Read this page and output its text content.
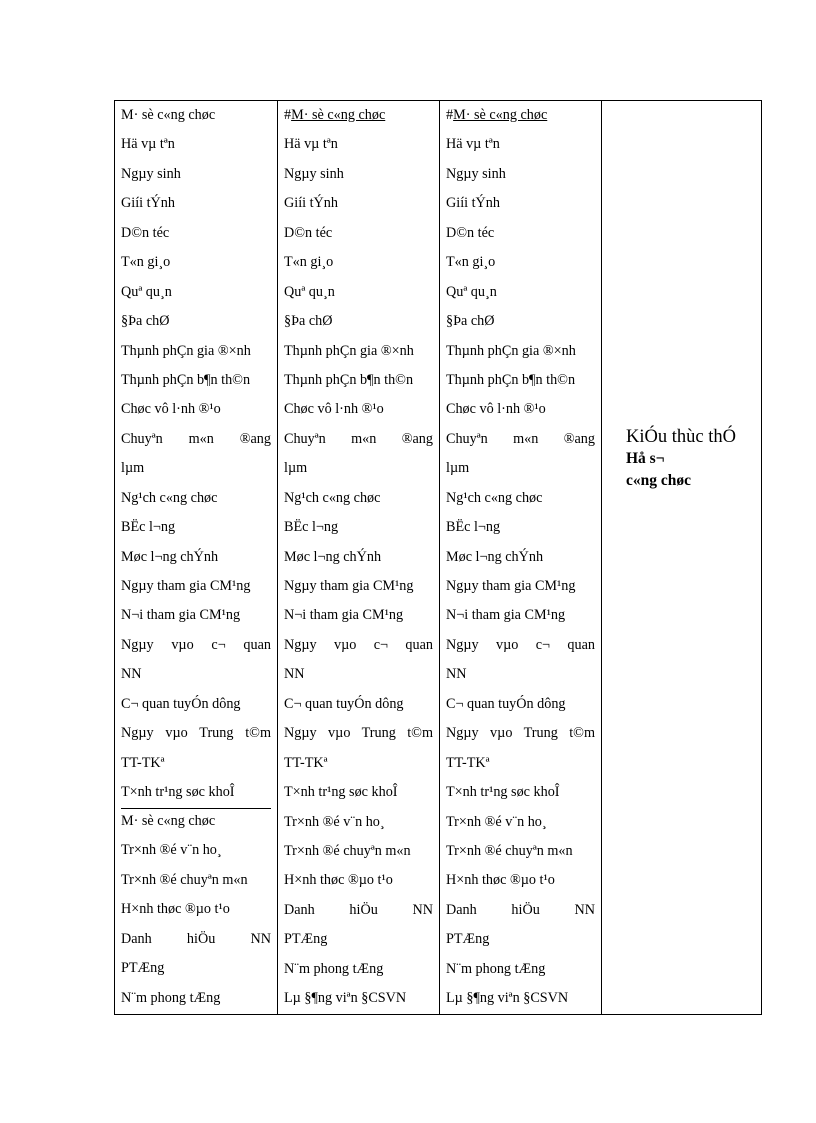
M· sè c«ng chøc
Hä vµ tªn
Ngµy sinh
Giíi tÝnh
D©n téc
T«n gi¸o
Quª qu¸n
§Þa chØ
Thµnh phÇn gia ®×nh
Thµnh phÇn b¶n th©n
Chøc vô l·nh ®¹o
Chuyªn m«n ®ang
lµm
Ng¹ch c«ng chøc
BËc l¬ng
Møc l¬ng chÝnh
Ngµy tham gia CM¹ng
N¬i tham gia CM¹ng
Ngµy vµo c¬ quan
NN
C¬ quan tuyÓn dông
Ngµy vµo Trung t©m
TT-TKª
T×nh tr¹ng søc khoÎ
M· sè c«ng chøc
Tr×nh ®é v¨n ho¸
Tr×nh ®é chuyªn m«n
H×nh thøc ®µo t¹o
Danh hiÖu NN
PTÆng
N¨m phong tÆng
#M· sè c«ng chøc
Hä vµ tªn
Ngµy sinh
Giíi tÝnh
D©n téc
T«n gi¸o
Quª qu¸n
§Þa chØ
Thµnh phÇn gia ®×nh
Thµnh phÇn b¶n th©n
Chøc vô l·nh ®¹o
Chuyªn m«n ®ang
lµm
Ng¹ch c«ng chøc
BËc l¬ng
Møc l¬ng chÝnh
Ngµy tham gia CM¹ng
N¬i tham gia CM¹ng
Ngµy vµo c¬ quan
NN
C¬ quan tuyÓn dông
Ngµy vµo Trung t©m
TT-TKª
T×nh tr¹ng søc khoÎ
Tr×nh ®é v¨n ho¸
Tr×nh ®é chuyªn m«n
H×nh thøc ®µo t¹o
Danh hiÖu NN
PTÆng
N¨m phong tÆng
Lµ §¶ng viªn §CSVN
#M· sè c«ng chøc
Hä vµ tªn
Ngµy sinh
Giíi tÝnh
D©n téc
T«n gi¸o
Quª qu¸n
§Þa chØ
Thµnh phÇn gia ®×nh
Thµnh phÇn b¶n th©n
Chøc vô l·nh ®¹o
Chuyªn m«n ®ang
lµm
Ng¹ch c«ng chøc
BËc l¬ng
Møc l¬ng chÝnh
Ngµy tham gia CM¹ng
N¬i tham gia CM¹ng
Ngµy vµo c¬ quan
NN
C¬ quan tuyÓn dông
Ngµy vµo Trung t©m
TT-TKª
T×nh tr¹ng søc khoÎ
Tr×nh ®é v¨n ho¸
Tr×nh ®é chuyªn m«n
H×nh thøc ®µo t¹o
Danh hiÖu NN
PTÆng
N¨m phong tÆng
Lµ §¶ng viªn §CSVN
KiÓu thùc thÓ
Hå s¬
c«ng chøc
